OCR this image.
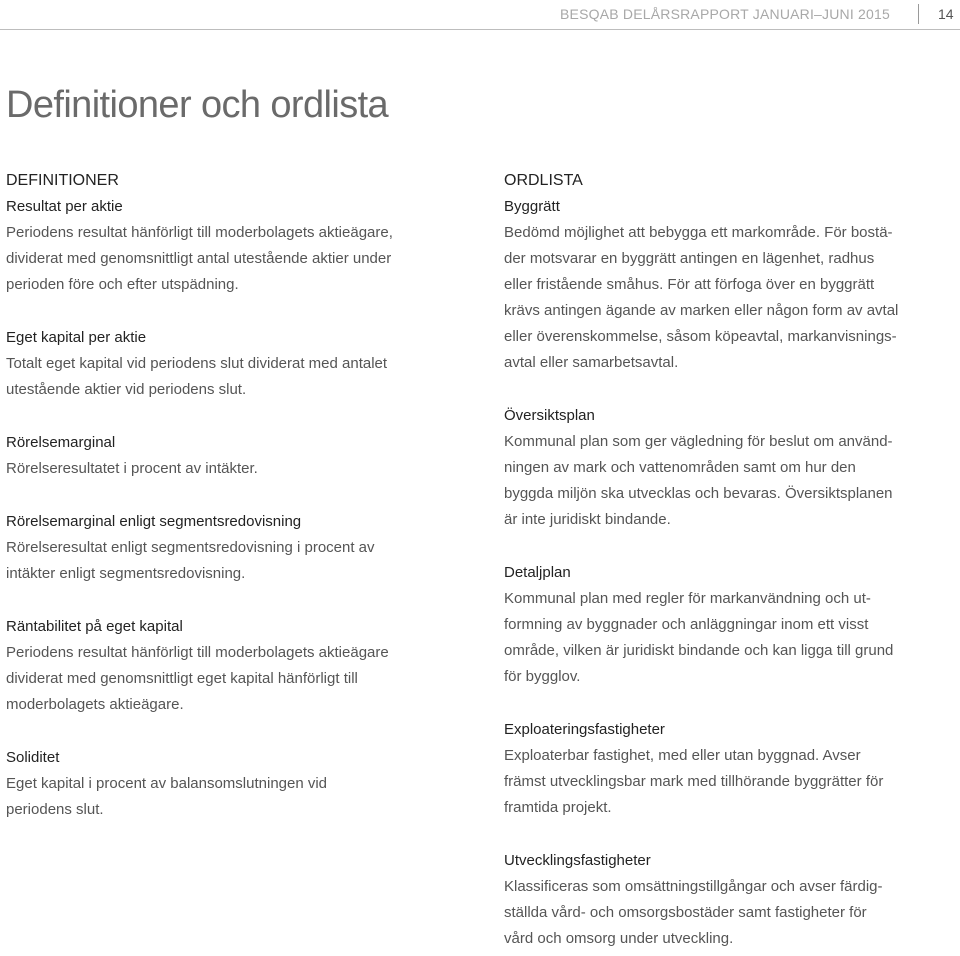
BESQAB DELÅRSRAPPORT JANUARI–JUNI 2015	14
Definitioner och ordlista
DEFINITIONER
Resultat per aktie

Periodens resultat hänförligt till moderbolagets aktieägare,
dividerat med genomsnittligt antal utestående aktier under
perioden före och efter utspädning.

Eget kapital per aktie

Totalt eget kapital vid periodens slut dividerat med antalet
utestående aktier vid periodens slut.

Rörelsemarginal

Rörelseresultatet i procent av intäkter.

Rörelsemarginal enligt segmentsredovisning

Rörelseresultat enligt segmentsredovisning i procent av
intäkter enligt segmentsredovisning.

Räntabilitet på eget kapital

Periodens resultat hänförligt till moderbolagets aktieägare
dividerat med genomsnittligt eget kapital hänförligt till
moderbolagets aktieägare.

Soliditet

Eget kapital i procent av balansomslutningen vid
periodens slut.

ORDLISTA
Byggrätt

Bedömd möjlighet att bebygga ett markområde. För bostä-
der motsvarar en byggrätt antingen en lägenhet, radhus
eller fristående småhus. För att förfoga över en byggrätt
krävs antingen ägande av marken eller någon form av avtal
eller överenskommelse, såsom köpeavtal, markanvisnings-
avtal eller samarbetsavtal.

Översiktsplan

Kommunal plan som ger vägledning för beslut om använd-
ningen av mark och vattenområden samt om hur den
byggda miljön ska utvecklas och bevaras. Översiktsplanen
är inte juridiskt bindande.

Detaljplan

Kommunal plan med regler för markanvändning och ut-
formning av byggnader och anläggningar inom ett visst
område, vilken är juridiskt bindande och kan ligga till grund
för bygglov.

Exploateringsfastigheter

Exploaterbar fastighet, med eller utan byggnad. Avser
främst utvecklingsbar mark med tillhörande byggrätter för
framtida projekt.

Utvecklingsfastigheter

Klassificeras som omsättningstillgångar och avser färdig-
ställda vård- och omsorgsbostäder samt fastigheter för
vård och omsorg under utveckling.
